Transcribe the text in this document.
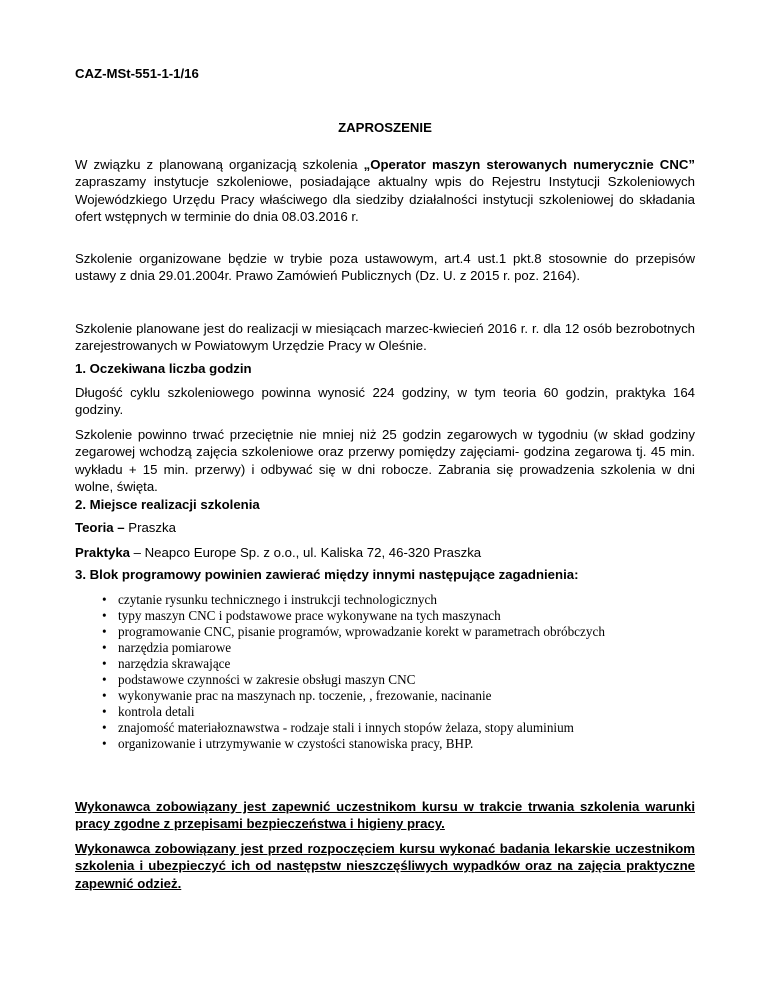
CAZ-MSt-551-1-1/16
ZAPROSZENIE

W związku z planowaną organizacją szkolenia „Operator maszyn sterowanych numerycznie CNC” zapraszamy instytucje szkoleniowe, posiadające aktualny wpis do Rejestru Instytucji Szkoleniowych Wojewódzkiego Urzędu Pracy właściwego dla siedziby działalności instytucji szkoleniowej do składania ofert wstępnych w terminie do dnia 08.03.2016 r.

Szkolenie organizowane będzie w trybie poza ustawowym, art.4 ust.1 pkt.8 stosownie do przepisów ustawy z dnia 29.01.2004r. Prawo Zamówień Publicznych (Dz. U. z 2015 r. poz. 2164).

Szkolenie planowane jest do realizacji w miesiącach marzec-kwiecień 2016 r. r. dla 12 osób bezrobotnych zarejestrowanych w Powiatowym Urzędzie Pracy w Oleśnie.

1. Oczekiwana liczba godzin

Długość cyklu szkoleniowego powinna wynosić 224 godziny, w tym teoria 60 godzin, praktyka 164 godziny.

Szkolenie powinno trwać przeciętnie nie mniej niż 25 godzin zegarowych w tygodniu (w skład godziny zegarowej wchodzą zajęcia szkoleniowe oraz przerwy pomiędzy zajęciami- godzina zegarowa tj. 45 min. wykładu + 15 min. przerwy) i odbywać się w dni robocze. Zabrania się prowadzenia szkolenia w dni wolne, święta.

2. Miejsce realizacji szkolenia

Teoria – Praszka

Praktyka – Neapco Europe Sp. z o.o., ul. Kaliska 72, 46-320 Praszka

3. Blok programowy powinien zawierać między innymi następujące zagadnienia:

• czytanie rysunku technicznego i instrukcji technologicznych
• typy maszyn CNC i podstawowe prace wykonywane na tych maszynach
• programowanie CNC, pisanie programów, wprowadzanie korekt w parametrach obróbczych
• narzędzia pomiarowe
• narzędzia skrawające
• podstawowe czynności w zakresie obsługi maszyn CNC
• wykonywanie prac na maszynach np. toczenie, , frezowanie, nacinanie
• kontrola detali
• znajomość materiałoznawstwa - rodzaje stali i innych stopów żelaza, stopy aluminium
• organizowanie i utrzymywanie w czystości stanowiska pracy, BHP.

Wykonawca zobowiązany jest zapewnić uczestnikom kursu w trakcie trwania szkolenia warunki pracy zgodne z przepisami bezpieczeństwa i higieny pracy.

Wykonawca zobowiązany jest przed rozpoczęciem kursu wykonać badania lekarskie uczestnikom szkolenia i ubezpieczyć ich od następstw nieszczęśliwych wypadków oraz na zajęcia praktyczne zapewnić odzież.
